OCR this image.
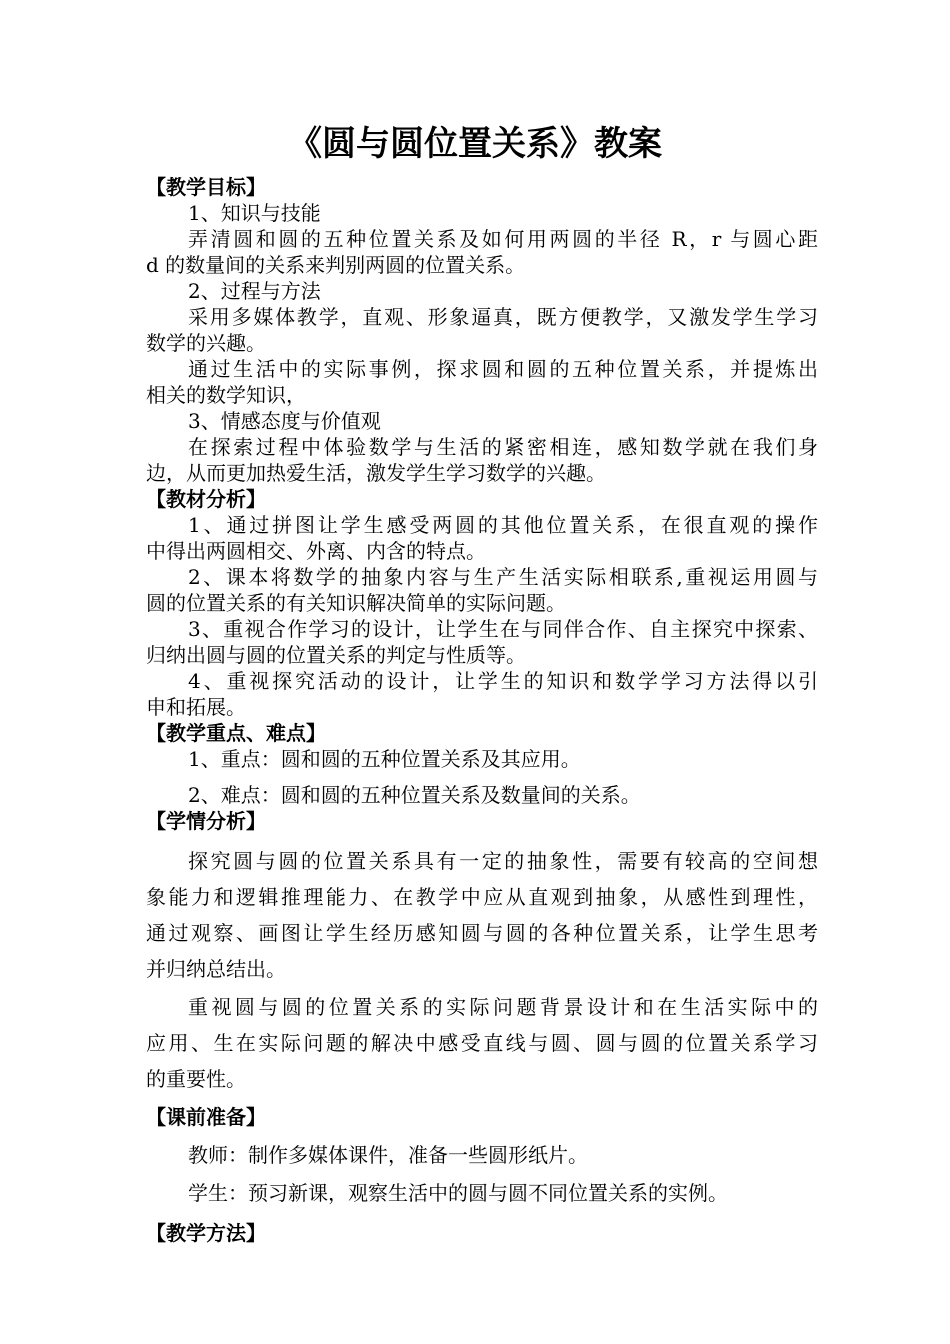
《圆与圆位置关系》教案
【教学目标】
1、知识与技能
弄清圆和圆的五种位置关系及如何用两圆的半径 R，r 与圆心距
d 的数量间的关系来判别两圆的位置关系。
2、过程与方法
采用多媒体教学，直观、形象逼真，既方便教学，又激发学生学习
数学的兴趣。
通过生活中的实际事例，探求圆和圆的五种位置关系，并提炼出
相关的数学知识，
3、情感态度与价值观
在探索过程中体验数学与生活的紧密相连，感知数学就在我们身
边，从而更加热爱生活，激发学生学习数学的兴趣。
【教材分析】
1、通过拼图让学生感受两圆的其他位置关系，在很直观的操作
中得出两圆相交、外离、内含的特点。
2、课本将数学的抽象内容与生产生活实际相联系,重视运用圆与
圆的位置关系的有关知识解决简单的实际问题。
3、重视合作学习的设计，让学生在与同伴合作、自主探究中探索、
归纳出圆与圆的位置关系的判定与性质等。
4、重视探究活动的设计，让学生的知识和数学学习方法得以引
申和拓展。
【教学重点、难点】
1、重点：圆和圆的五种位置关系及其应用。
2、难点：圆和圆的五种位置关系及数量间的关系。
【学情分析】
探究圆与圆的位置关系具有一定的抽象性，需要有较高的空间想
象能力和逻辑推理能力、在教学中应从直观到抽象，从感性到理性，
通过观察、画图让学生经历感知圆与圆的各种位置关系，让学生思考
并归纳总结出。
重视圆与圆的位置关系的实际问题背景设计和在生活实际中的
应用、生在实际问题的解决中感受直线与圆、圆与圆的位置关系学习
的重要性。
【课前准备】
教师：制作多媒体课件，准备一些圆形纸片。
学生：预习新课，观察生活中的圆与圆不同位置关系的实例。
【教学方法】
